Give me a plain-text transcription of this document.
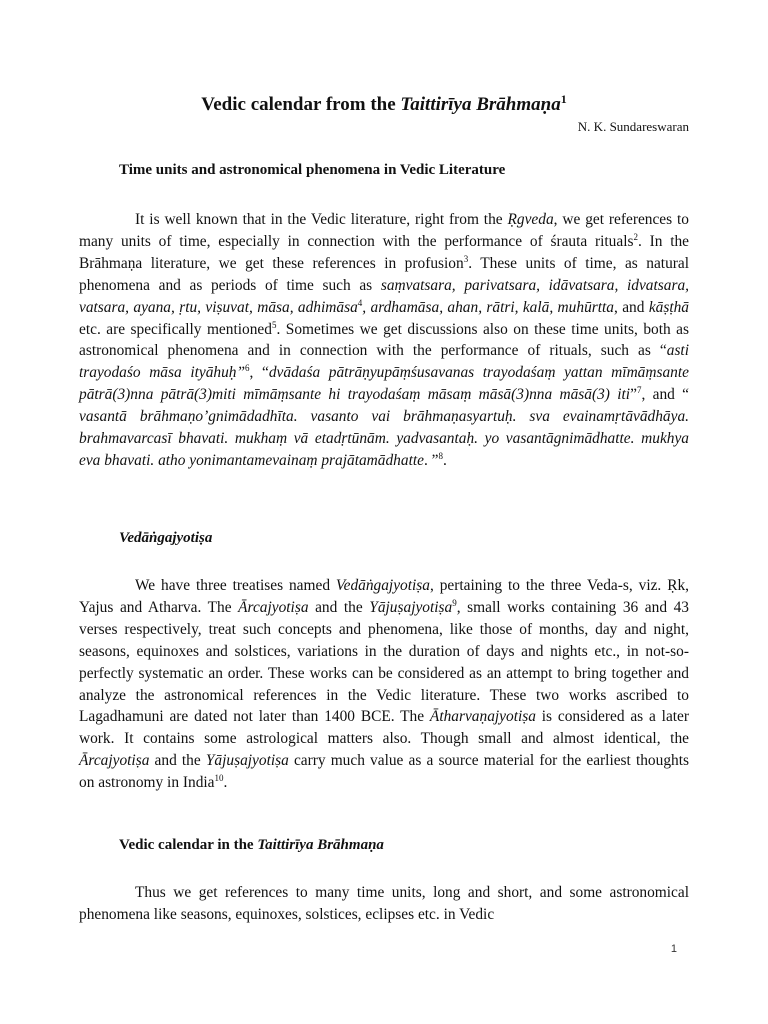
Vedic calendar from the Taittirīya Brāhmaṇa$^1$
N. K. Sundareswaran
Time units and astronomical phenomena in Vedic Literature

It is well known that in the Vedic literature, right from the Ṛgveda, we get references to many units of time, especially in connection with the performance of śrauta rituals$^2$. In the Brāhmaṇa literature, we get these references in profusion$^3$. These units of time, as natural phenomena and as periods of time such as saṃvatsara, parivatsara, idāvatsara, idvatsara, vatsara, ayana, ṛtu, viṣuvat, māsa, adhimāsa$^4$, ardhamāsa, ahan, rātri, kalā, muhūrtta, and kāṣṭhā etc. are specifically mentioned$^5$. Sometimes we get discussions also on these time units, both as astronomical phenomena and in connection with the performance of rituals, such as “asti trayodaśo māsa ityāhuḥ”$^6$, “dvādaśa pātrāṇyupāṃśusavanas trayodaśaṃ yattan mīmāṃsante pātrā(3)nna pātrā(3)miti mīmāṃsante hi trayodaśaṃ māsaṃ māsā(3)nna māsā(3) iti”$^7$, and “ vasantā brāhmaṇo’gnimādadhīta. vasanto vai brāhmaṇasyartuḥ. sva evainamṛtāvādhāya. brahmavarcasī bhavati. mukhaṃ vā etadṛtūnām. yadvasantaḥ. yo vasantāgnimādhatte. mukhya eva bhavati. atho yonimantamevainaṃ prajātamādhatte. ”$^8$.

Vedāṅgajyotiṣa

We have three treatises named Vedāṅgajyotiṣa, pertaining to the three Veda-s, viz. Ṛk, Yajus and Atharva. The Ārcajyotiṣa and the Yājuṣajyotiṣa$^9$, small works containing 36 and 43 verses respectively, treat such concepts and phenomena, like those of months, day and night, seasons, equinoxes and solstices, variations in the duration of days and nights etc., in not-so-perfectly systematic an order. These works can be considered as an attempt to bring together and analyze the astronomical references in the Vedic literature. These two works ascribed to Lagadhamuni are dated not later than 1400 BCE. The Ātharvaṇajyotiṣa is considered as a later work. It contains some astrological matters also. Though small and almost identical, the Ārcajyotiṣa and the Yājuṣajyotiṣa carry much value as a source material for the earliest thoughts on astronomy in India$^{10}$.

Vedic calendar in the Taittirīya Brāhmaṇa

Thus we get references to many time units, long and short, and some astronomical phenomena like seasons, equinoxes, solstices, eclipses etc. in Vedic

1
